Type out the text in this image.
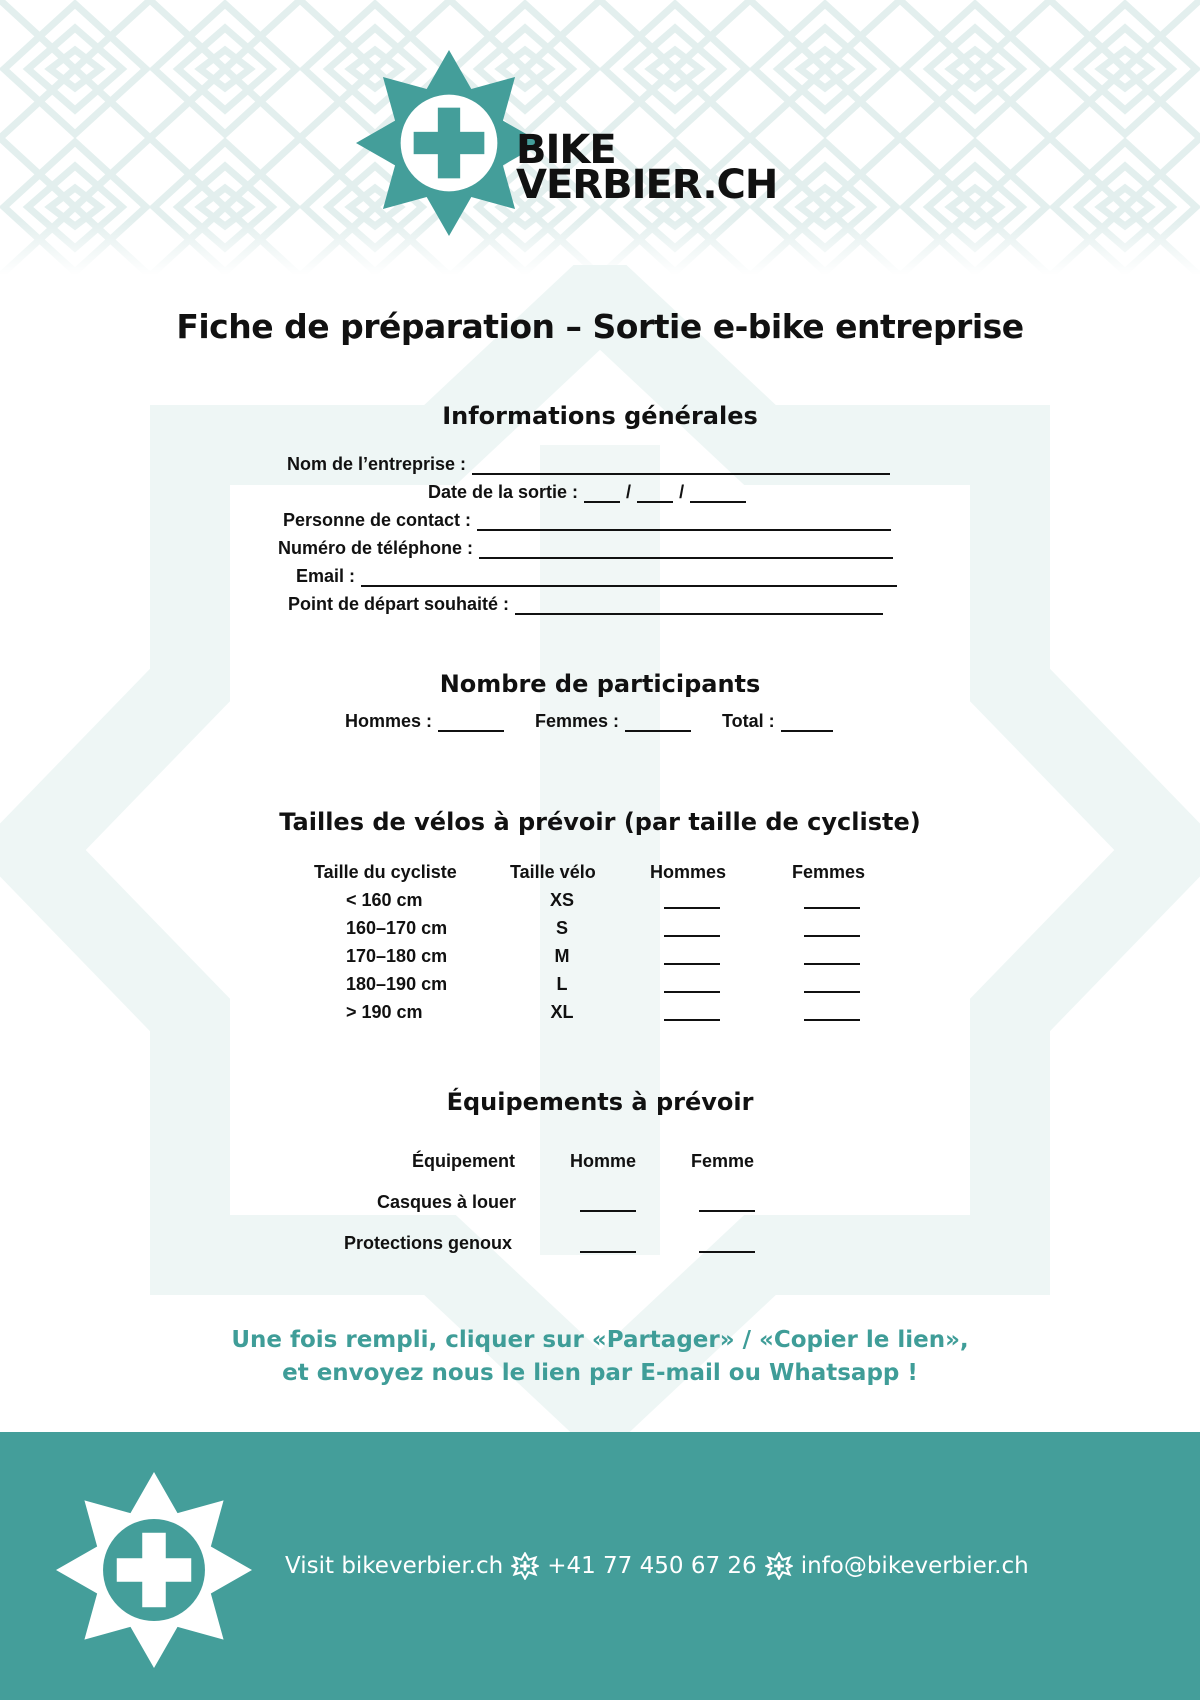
BIKE
VERBIER.CH
Fiche de préparation – Sortie e-bike entreprise
Informations générales
Nom de l’entreprise :
Date de la sortie :	/	/
Personne de contact :
Numéro de téléphone :
Email :
Point de départ souhaité :
Nombre de participants
Hommes :	Femmes :	Total :
Tailles de vélos à prévoir (par taille de cycliste)
Taille du cycliste	Taille vélo	Hommes	Femmes
< 160 cm	XS
160–170 cm	S
170–180 cm	M
180–190 cm	L
> 190 cm	XL
Équipements à prévoir
Équipement	Homme	Femme
Casques à louer
Protections genoux
Une fois rempli, cliquer sur «Partager» / «Copier le lien»,
et envoyez nous le lien par E-mail ou Whatsapp !
Visit bikeverbier.ch +41 77 450 67 26 info@bikeverbier.ch
